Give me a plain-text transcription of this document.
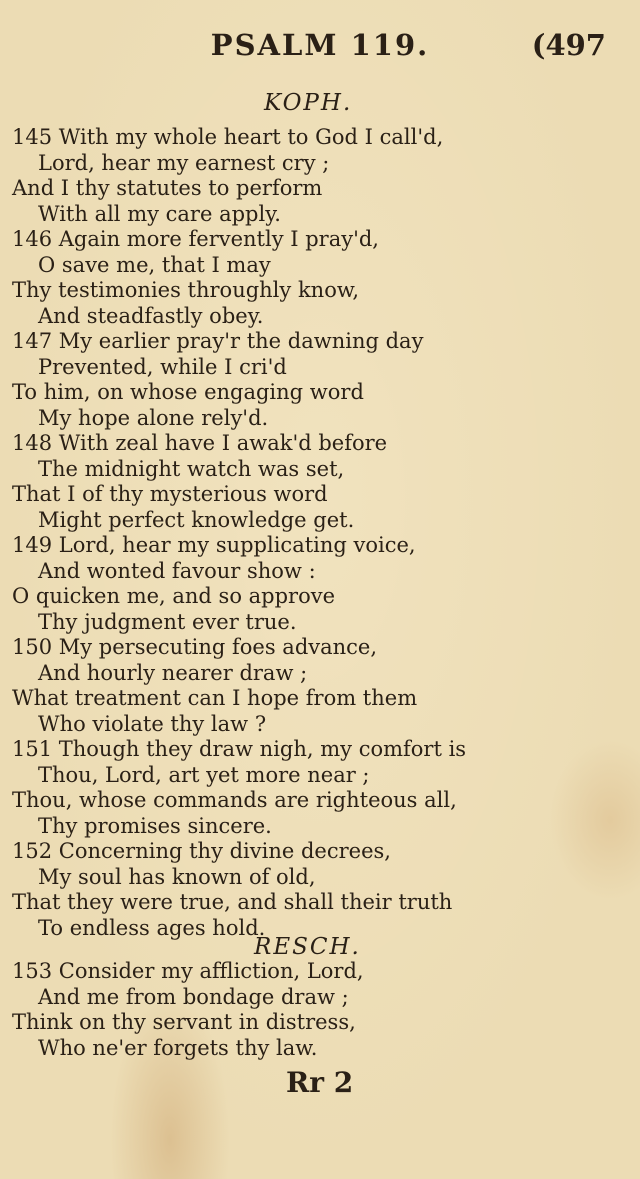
PSALM 119.	(497
KOPH.
145 With my whole heart to God I call'd,
Lord, hear my earnest cry ;
And I thy statutes to perform
With all my care apply.
146 Again more fervently I pray'd,
O save me, that I may
Thy testimonies throughly know,
And steadfastly obey.
147 My earlier pray'r the dawning day
Prevented, while I cri'd
To him, on whose engaging word
My hope alone rely'd.
148 With zeal have I awak'd before
The midnight watch was set,
That I of thy mysterious word
Might perfect knowledge get.
149 Lord, hear my supplicating voice,
And wonted favour show :
O quicken me, and so approve
Thy judgment ever true.
150 My persecuting foes advance,
And hourly nearer draw ;
What treatment can I hope from them
Who violate thy law ?
151 Though they draw nigh, my comfort is
Thou, Lord, art yet more near ;
Thou, whose commands are righteous all,
Thy promises sincere.
152 Concerning thy divine decrees,
My soul has known of old,
That they were true, and shall their truth
To endless ages hold.
RESCH.
153 Consider my affliction, Lord,
And me from bondage draw ;
Think on thy servant in distress,
Who ne'er forgets thy law.
Rr 2
